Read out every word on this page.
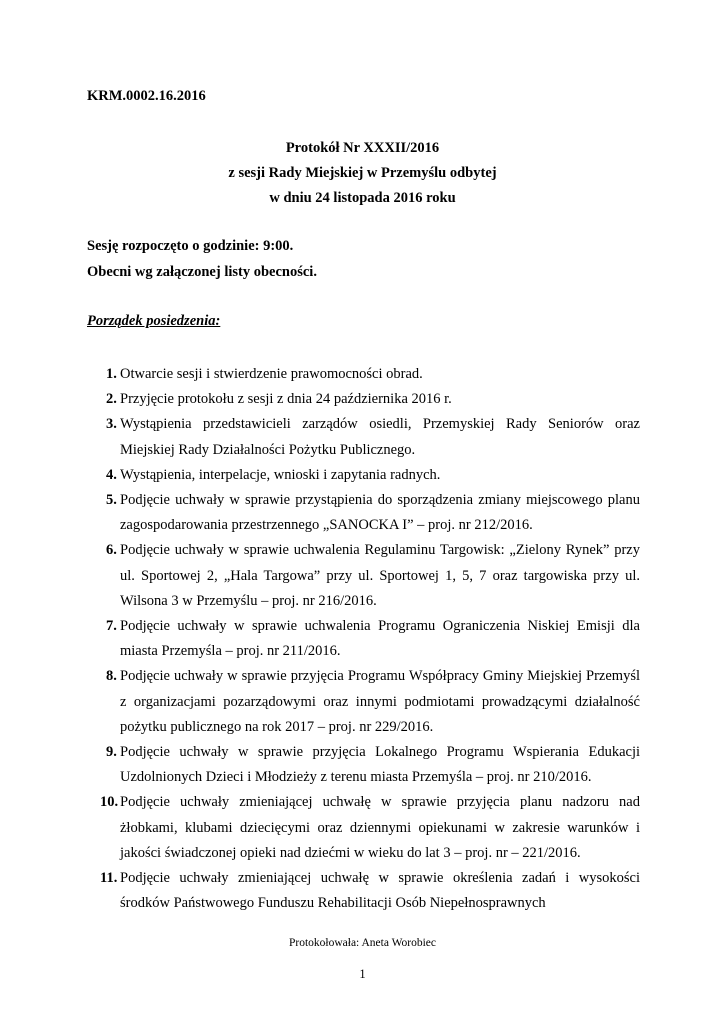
KRM.0002.16.2016
Protokół Nr XXXII/2016
z sesji Rady Miejskiej w Przemyślu odbytej
w dniu 24 listopada 2016 roku
Sesję rozpoczęto o godzinie: 9:00.
Obecni wg załączonej listy obecności.
Porządek posiedzenia:
1. Otwarcie sesji i stwierdzenie prawomocności obrad.
2. Przyjęcie protokołu z sesji z dnia 24 października 2016 r.
3. Wystąpienia przedstawicieli zarządów osiedli, Przemyskiej Rady Seniorów oraz Miejskiej Rady Działalności Pożytku Publicznego.
4. Wystąpienia, interpelacje, wnioski i zapytania radnych.
5. Podjęcie uchwały w sprawie przystąpienia do sporządzenia zmiany miejscowego planu zagospodarowania przestrzennego „SANOCKA I” – proj. nr 212/2016.
6. Podjęcie uchwały w sprawie uchwalenia Regulaminu Targowisk: „Zielony Rynek” przy ul. Sportowej 2, „Hala Targowa” przy ul. Sportowej 1, 5, 7 oraz targowiska przy ul. Wilsona 3 w Przemyślu – proj. nr 216/2016.
7. Podjęcie uchwały w sprawie uchwalenia Programu Ograniczenia Niskiej Emisji dla miasta Przemyśla – proj. nr 211/2016.
8. Podjęcie uchwały w sprawie przyjęcia Programu Współpracy Gminy Miejskiej Przemyśl z organizacjami pozarządowymi oraz innymi podmiotami prowadzącymi działalność pożytku publicznego na rok 2017 – proj. nr 229/2016.
9. Podjęcie uchwały w sprawie przyjęcia Lokalnego Programu Wspierania Edukacji Uzdolnionych Dzieci i Młodzieży z terenu miasta Przemyśla – proj. nr 210/2016.
10. Podjęcie uchwały zmieniającej uchwałę w sprawie przyjęcia planu nadzoru nad żłobkami, klubami dziecięcymi oraz dziennymi opiekunami w zakresie warunków i jakości świadczonej opieki nad dziećmi w wieku do lat 3 – proj. nr – 221/2016.
11. Podjęcie uchwały zmieniającej uchwałę w sprawie określenia zadań i wysokości środków Państwowego Funduszu Rehabilitacji Osób Niepełnosprawnych
Protokołowała: Aneta Worobiec
1
